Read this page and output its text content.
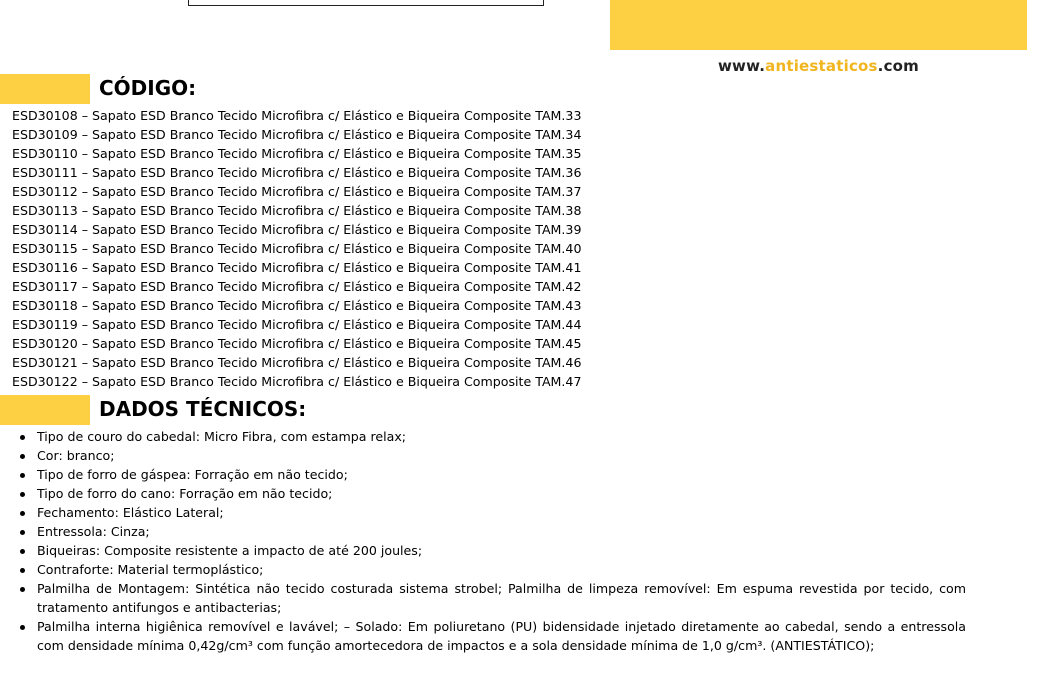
www.antiestaticos.com
CÓDIGO:
ESD30108 – Sapato ESD Branco Tecido Microfibra c/ Elástico e Biqueira Composite TAM.33
ESD30109 – Sapato ESD Branco Tecido Microfibra c/ Elástico e Biqueira Composite TAM.34
ESD30110 – Sapato ESD Branco Tecido Microfibra c/ Elástico e Biqueira Composite TAM.35
ESD30111 – Sapato ESD Branco Tecido Microfibra c/ Elástico e Biqueira Composite TAM.36
ESD30112 – Sapato ESD Branco Tecido Microfibra c/ Elástico e Biqueira Composite TAM.37
ESD30113 – Sapato ESD Branco Tecido Microfibra c/ Elástico e Biqueira Composite TAM.38
ESD30114 – Sapato ESD Branco Tecido Microfibra c/ Elástico e Biqueira Composite TAM.39
ESD30115 – Sapato ESD Branco Tecido Microfibra c/ Elástico e Biqueira Composite TAM.40
ESD30116 – Sapato ESD Branco Tecido Microfibra c/ Elástico e Biqueira Composite TAM.41
ESD30117 – Sapato ESD Branco Tecido Microfibra c/ Elástico e Biqueira Composite TAM.42
ESD30118 – Sapato ESD Branco Tecido Microfibra c/ Elástico e Biqueira Composite TAM.43
ESD30119 – Sapato ESD Branco Tecido Microfibra c/ Elástico e Biqueira Composite TAM.44
ESD30120 – Sapato ESD Branco Tecido Microfibra c/ Elástico e Biqueira Composite TAM.45
ESD30121 – Sapato ESD Branco Tecido Microfibra c/ Elástico e Biqueira Composite TAM.46
ESD30122 – Sapato ESD Branco Tecido Microfibra c/ Elástico e Biqueira Composite TAM.47
DADOS TÉCNICOS:
Tipo de couro do cabedal: Micro Fibra, com estampa relax;
Cor: branco;
Tipo de forro de gáspea: Forração em não tecido;
Tipo de forro do cano: Forração em não tecido;
Fechamento: Elástico Lateral;
Entressola: Cinza;
Biqueiras: Composite resistente a impacto de até 200 joules;
Contraforte: Material termoplástico;
Palmilha de Montagem: Sintética não tecido costurada sistema strobel; Palmilha de limpeza removível: Em espuma revestida por tecido, com tratamento antifungos e antibacterias;
Palmilha interna higiênica removível e lavável; – Solado: Em poliuretano (PU) bidensidade injetado diretamente ao cabedal, sendo a entressola com densidade mínima 0,42g/cm³ com função amortecedora de impactos e a sola densidade mínima de 1,0 g/cm³. (ANTIESTÁTICO);
